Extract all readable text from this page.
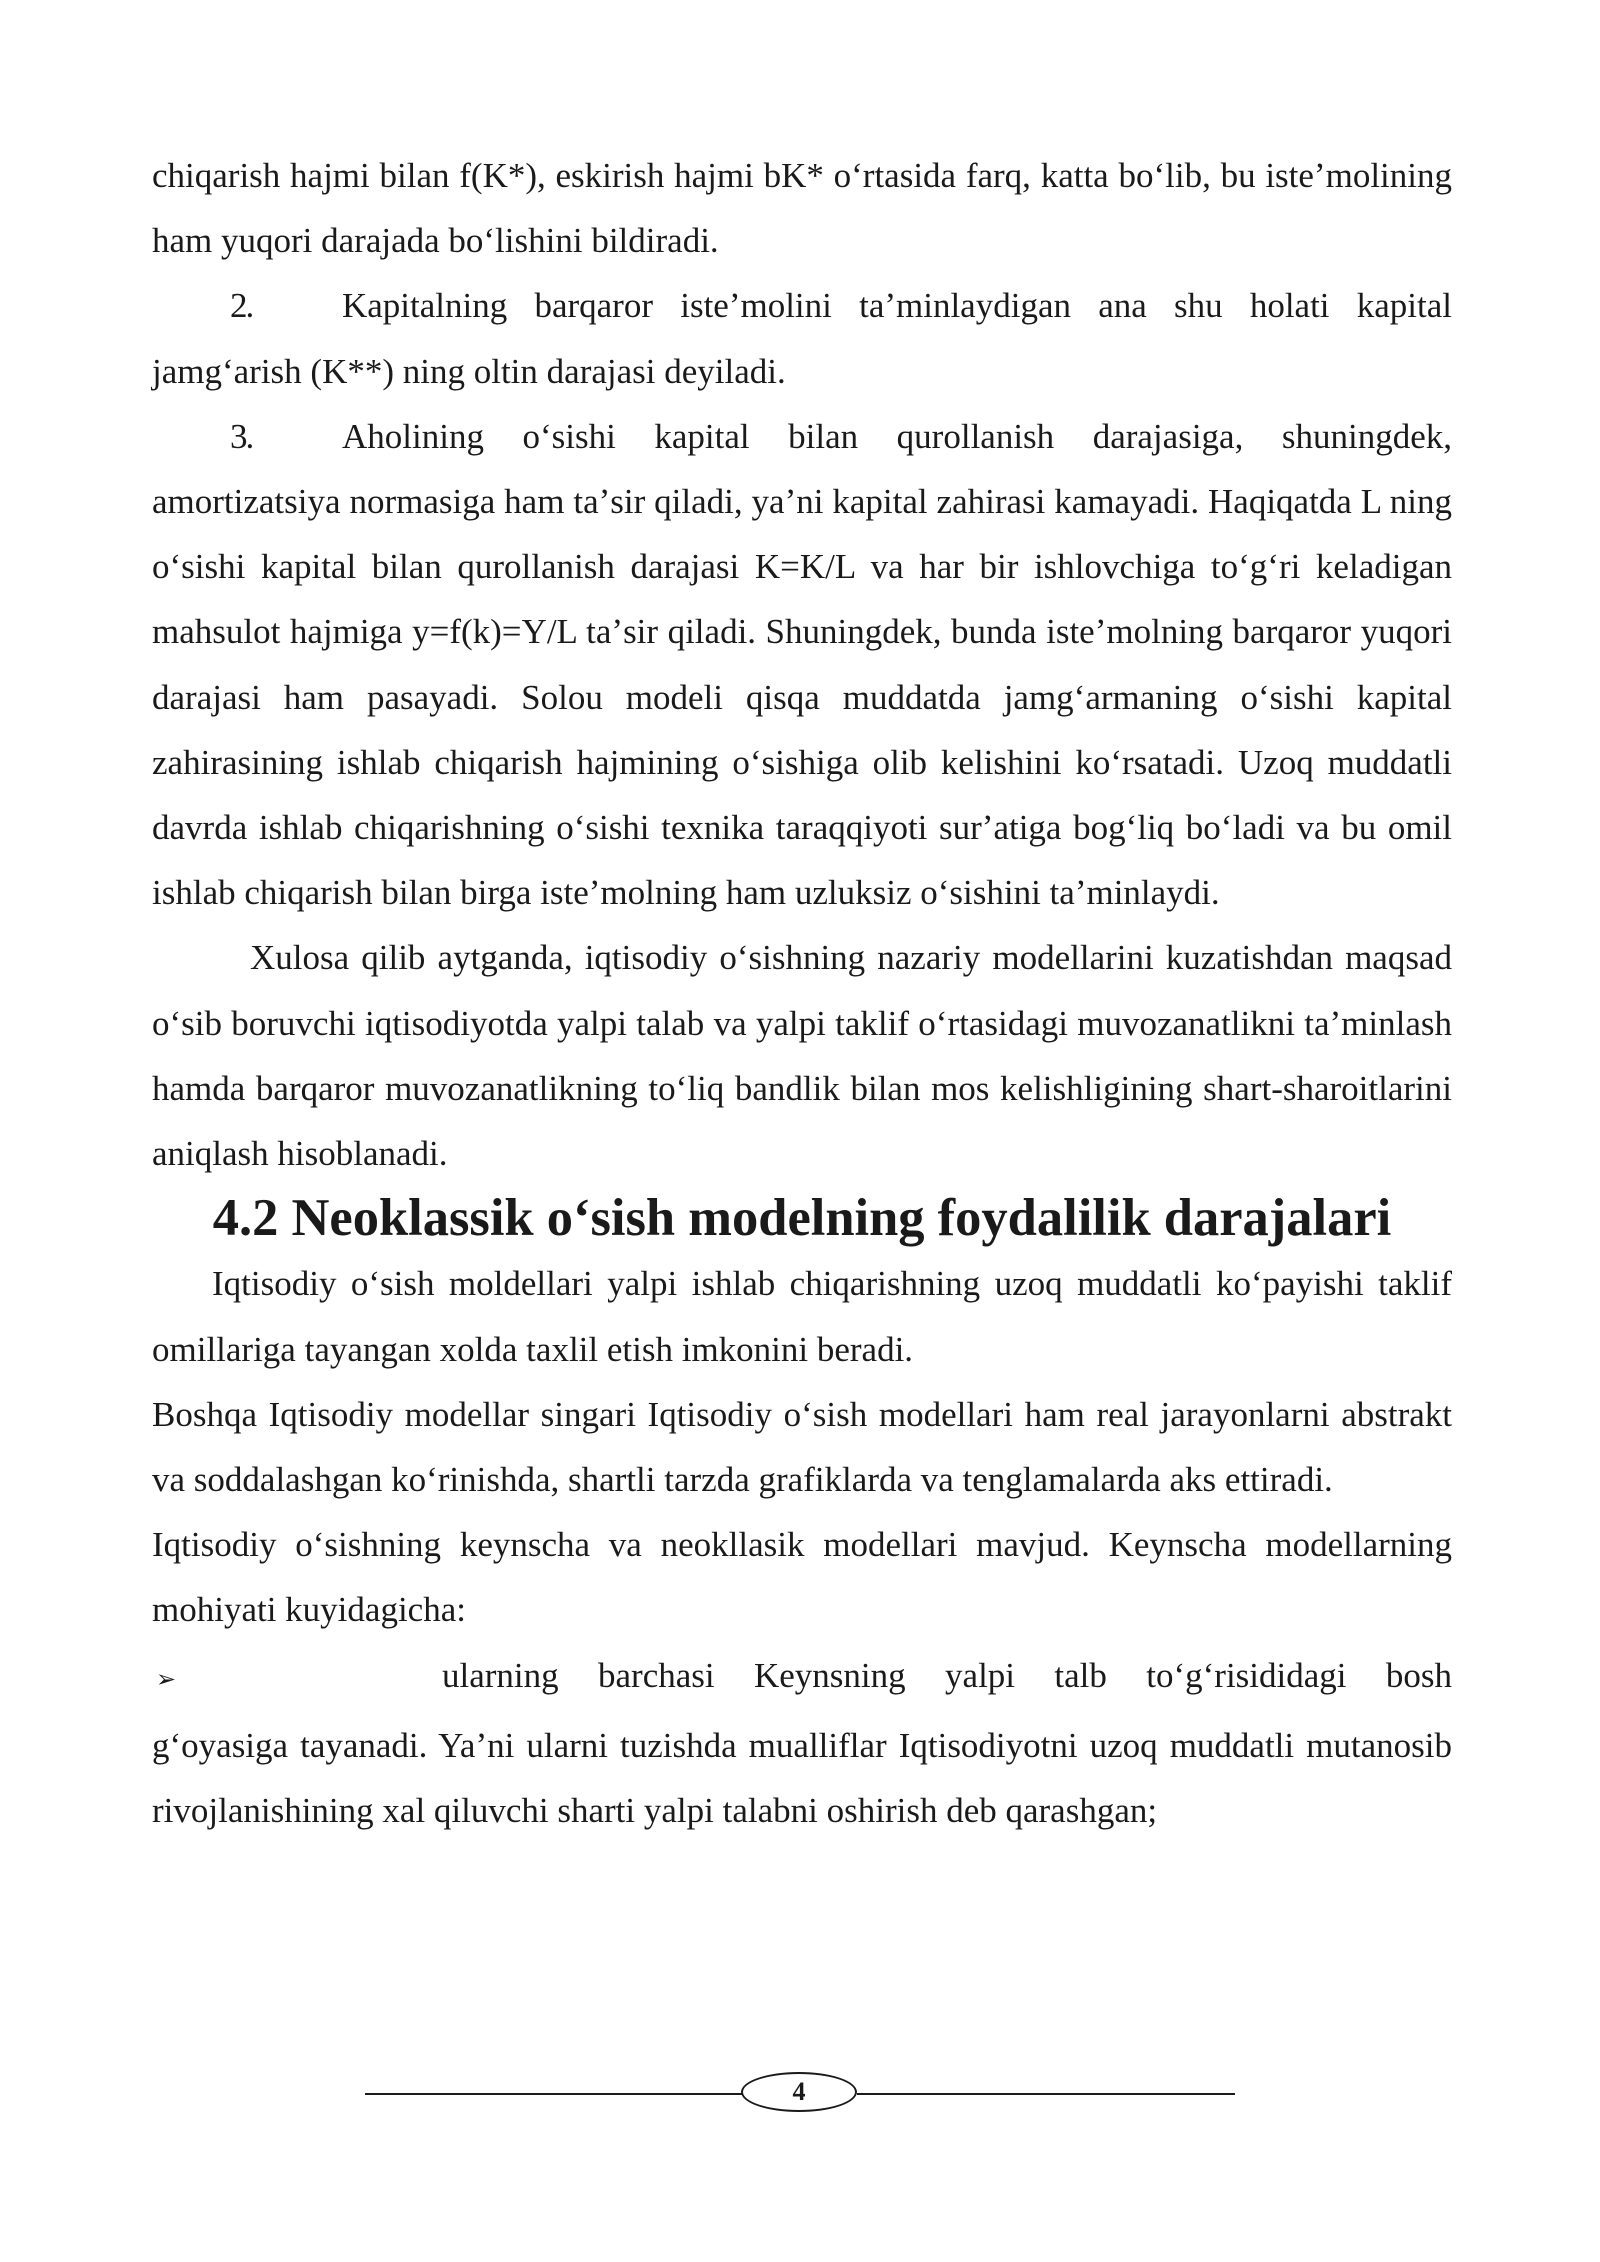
chiqarish hajmi bilan f(K*), eskirish hajmi bK* oʻrtasida farq, katta boʻlib, bu isteʼmolining ham yuqori darajada boʻlishini bildiradi.

2.	Kapitalning barqaror isteʼmolini taʼminlaydigan ana shu holati kapital

jamgʻarish (K**) ning oltin darajasi deyiladi.

3.	Aholining oʻsishi kapital bilan qurollanish darajasiga, shuningdek,

amortizatsiya normasiga ham taʼsir qiladi, yaʼni kapital zahirasi kamayadi. Haqiqatda L ning oʻsishi kapital bilan qurollanish darajasi K=K/L va har bir ishlovchiga toʻgʻri keladigan mahsulot hajmiga y=f(k)=Y/L taʼsir qiladi. Shuningdek, bunda isteʼmolning barqaror yuqori darajasi ham pasayadi. Solou modeli qisqa muddatda jamgʻarmaning oʻsishi kapital zahirasining ishlab chiqarish hajmining oʻsishiga olib kelishini koʻrsatadi. Uzoq muddatli davrda ishlab chiqarishning oʻsishi texnika taraqqiyoti surʼatiga bogʻliq boʻladi va bu omil ishlab chiqarish bilan birga isteʼmolning ham uzluksiz oʻsishini taʼminlaydi.

Xulosa qilib aytganda, iqtisodiy oʻsishning nazariy modellarini kuzatishdan maqsad oʻsib boruvchi iqtisodiyotda yalpi talab va yalpi taklif oʻrtasidagi muvozanatlikni taʼminlash hamda barqaror muvozanatlikning toʻliq bandlik bilan mos kelishligining shart-sharoitlarini aniqlash hisoblanadi.

4.2 Neoklassik oʻsish modelning foydalilik darajalari

Iqtisodiy oʻsish moldellari yalpi ishlab chiqarishning uzoq muddatli koʻpayishi taklif omillariga tayangan xolda taxlil etish imkonini beradi.

Boshqa Iqtisodiy modellar singari Iqtisodiy oʻsish modellari ham real jarayonlarni abstrakt va soddalashgan koʻrinishda, shartli tarzda grafiklarda va tenglamalarda aks ettiradi.

Iqtisodiy oʻsishning keynscha va neokllasik modellari mavjud. Keynscha modellarning mohiyati kuyidagicha:

➢	ularning barchasi Keynsning yalpi talb toʻgʻrisididagi bosh

gʻoyasiga tayanadi. Yaʼni ularni tuzishda mualliflar Iqtisodiyotni uzoq muddatli mutanosib rivojlanishining xal qiluvchi sharti yalpi talabni oshirish deb qarashgan;

4
